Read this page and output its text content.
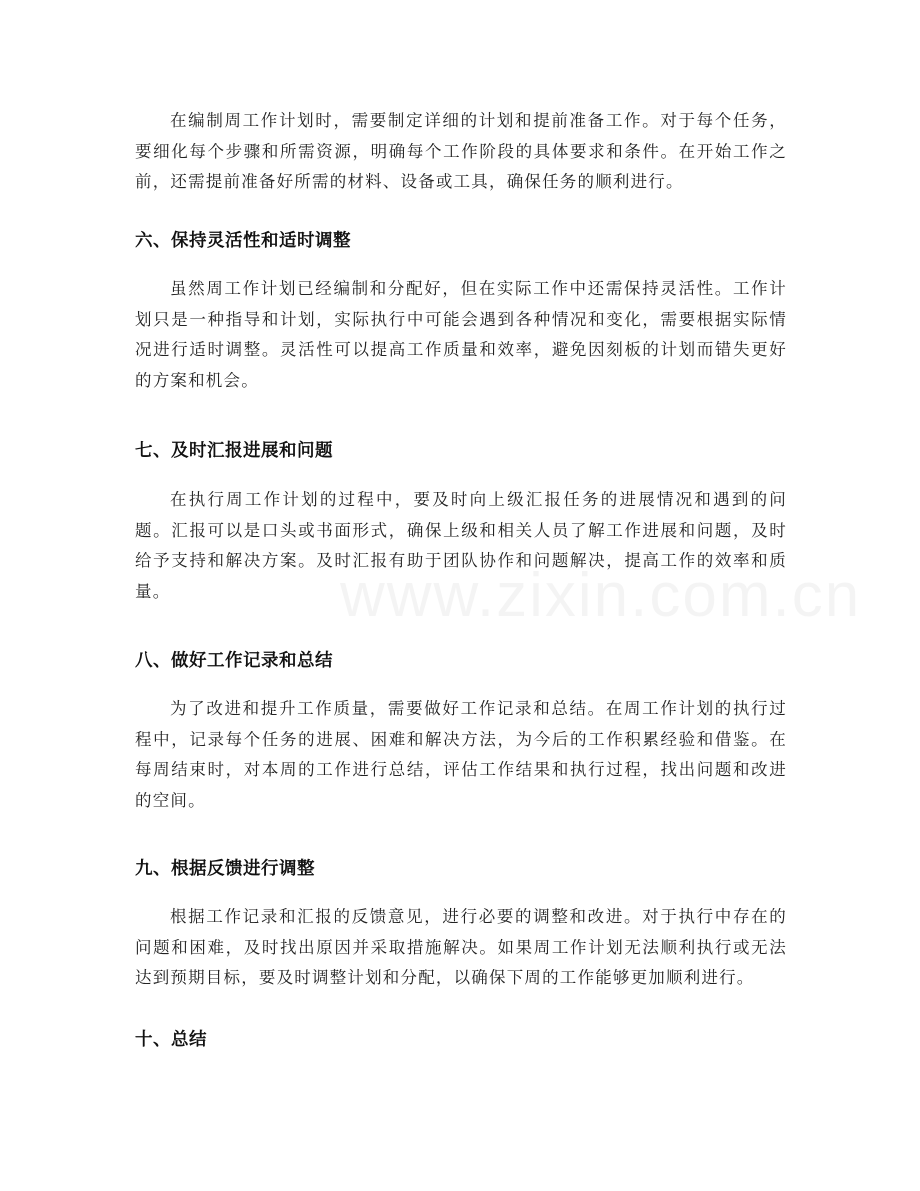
在编制周工作计划时，需要制定详细的计划和提前准备工作。对于每个任务，要细化每个步骤和所需资源，明确每个工作阶段的具体要求和条件。在开始工作之前，还需提前准备好所需的材料、设备或工具，确保任务的顺利进行。

六、保持灵活性和适时调整

虽然周工作计划已经编制和分配好，但在实际工作中还需保持灵活性。工作计划只是一种指导和计划，实际执行中可能会遇到各种情况和变化，需要根据实际情况进行适时调整。灵活性可以提高工作质量和效率，避免因刻板的计划而错失更好的方案和机会。

七、及时汇报进展和问题

在执行周工作计划的过程中，要及时向上级汇报任务的进展情况和遇到的问题。汇报可以是口头或书面形式，确保上级和相关人员了解工作进展和问题，及时给予支持和解决方案。及时汇报有助于团队协作和问题解决，提高工作的效率和质量。

八、做好工作记录和总结

为了改进和提升工作质量，需要做好工作记录和总结。在周工作计划的执行过程中，记录每个任务的进展、困难和解决方法，为今后的工作积累经验和借鉴。在每周结束时，对本周的工作进行总结，评估工作结果和执行过程，找出问题和改进的空间。

九、根据反馈进行调整

根据工作记录和汇报的反馈意见，进行必要的调整和改进。对于执行中存在的问题和困难，及时找出原因并采取措施解决。如果周工作计划无法顺利执行或无法达到预期目标，要及时调整计划和分配，以确保下周的工作能够更加顺利进行。

十、总结
